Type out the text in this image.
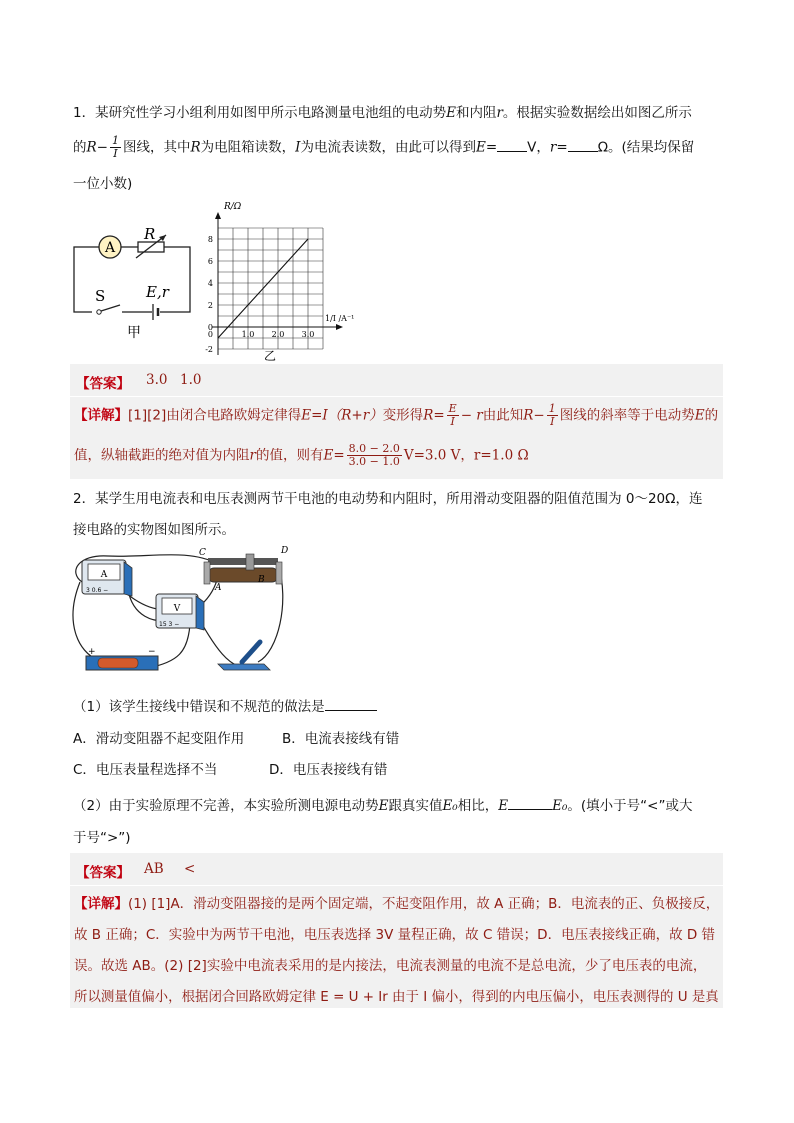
1．某研究性学习小组利用如图甲所示电路测量电池组的电动势E和内阻r。根据实验数据绘出如图乙所示
的$R- \frac{1}{I}$ 图线，其中R为电阻箱读数，I为电流表读数，由此可以得到E= V，r= Ω。(结果均保留
一位小数)
A
R
S	E,r
甲
8
6
4
2
0
-2
1.0 2.0 3.0
0
R/Ω
1/I /A⁻¹
乙
【答案】 3.0 1.0
【详解】[1][2]由闭合电路欧姆定律得E=I（R+r）变形得$R= \frac{E}{I} - r$由此知$R- \frac{1}{I}$ 图线的斜率等于电动势E的
值，纵轴截距的绝对值为内阻r的值，则有$E= \frac{8.0 - 2.0}{3.0 - 1.0} V=3.0$ V，r=1.0 Ω
2．某学生用电流表和电压表测两节干电池的电动势和内阻时，所用滑动变阻器的阻值范围为 0～20Ω，连
接电路的实物图如图所示。
A
3 0.6 −
V
15 3 −
C	D
A
B
+	−
（1）该学生接线中错误和不规范的做法是
A．滑动变阻器不起变阻作用	B．电流表接线有错
C．电压表量程选择不当	D．电压表接线有错
（2）由于实验原理不完善，本实验所测电源电动势E跟真实值E₀相比，E	E₀。(填小于号“<”或大
于号“>”)
【答案】 AB <
【详解】(1) [1]A．滑动变阻器接的是两个固定端，不起变阻作用，故 A 正确；B．电流表的正、负极接反，
故 B 正确；C．实验中为两节干电池，电压表选择 3V 量程正确，故 C 错误；D．电压表接线正确，故 D 错
误。故选 AB。(2) [2]实验中电流表采用的是内接法，电流表测量的电流不是总电流，少了电压表的电流，
所以测量值偏小，根据闭合回路欧姆定律 E = U + Ir 由于 I 偏小，得到的内电压偏小，电压表测得的 U 是真
